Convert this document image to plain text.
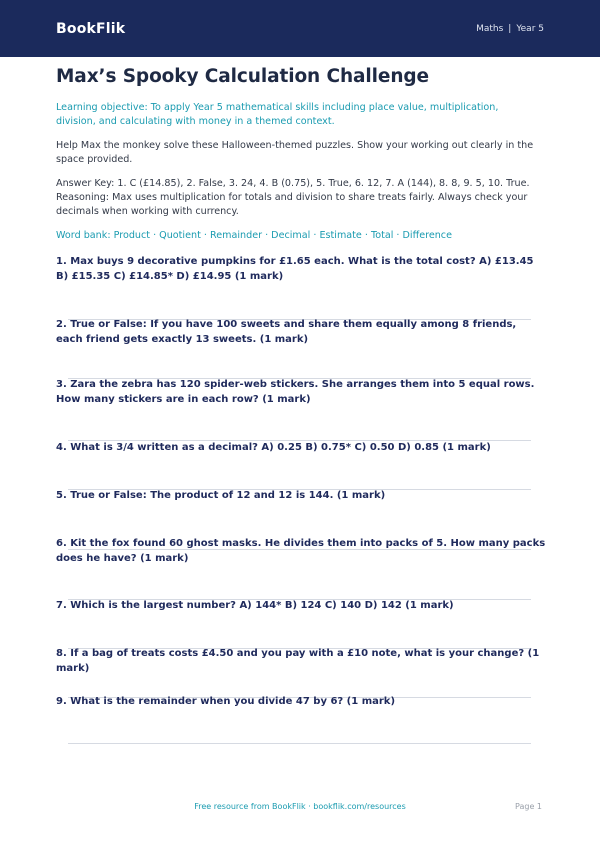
BookFlik	Maths | Year 5
Max’s Spooky Calculation Challenge
Learning objective: To apply Year 5 mathematical skills including place value, multiplication, division, and calculating with money in a themed context.
Help Max the monkey solve these Halloween-themed puzzles. Show your working out clearly in the space provided.
Answer Key: 1. C (£14.85), 2. False, 3. 24, 4. B (0.75), 5. True, 6. 12, 7. A (144), 8. 8, 9. 5, 10. True. Reasoning: Max uses multiplication for totals and division to share treats fairly. Always check your decimals when working with currency.
Word bank: Product · Quotient · Remainder · Decimal · Estimate · Total · Difference
1. Max buys 9 decorative pumpkins for £1.65 each. What is the total cost? A) £13.45 B) £15.35 C) £14.85* D) £14.95 (1 mark)
2. True or False: If you have 100 sweets and share them equally among 8 friends, each friend gets exactly 13 sweets. (1 mark)
3. Zara the zebra has 120 spider-web stickers. She arranges them into 5 equal rows. How many stickers are in each row? (1 mark)
4. What is 3/4 written as a decimal? A) 0.25 B) 0.75* C) 0.50 D) 0.85 (1 mark)
5. True or False: The product of 12 and 12 is 144. (1 mark)
6. Kit the fox found 60 ghost masks. He divides them into packs of 5. How many packs does he have? (1 mark)
7. Which is the largest number? A) 144* B) 124 C) 140 D) 142 (1 mark)
8. If a bag of treats costs £4.50 and you pay with a £10 note, what is your change? (1 mark)
9. What is the remainder when you divide 47 by 6? (1 mark)
Free resource from BookFlik · bookflik.com/resources	Page 1
